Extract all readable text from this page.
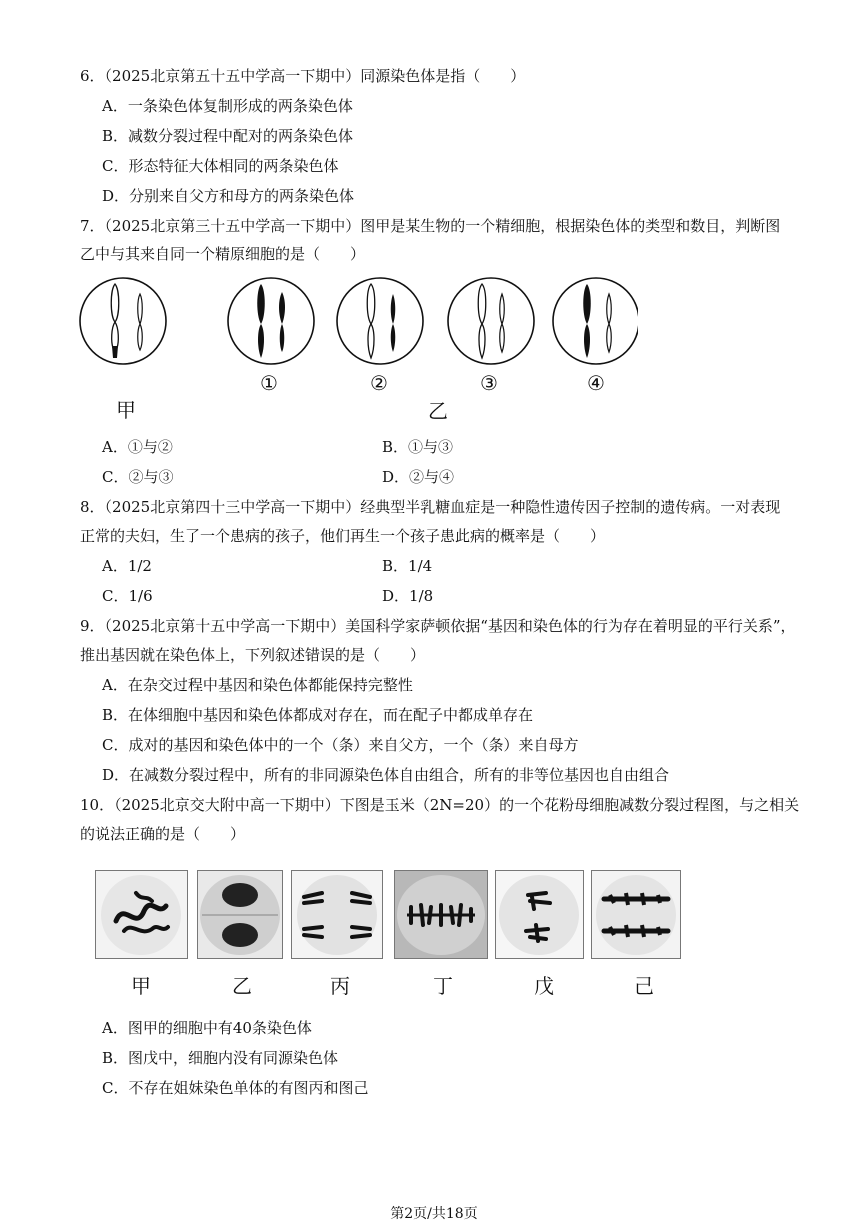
6．（2025北京第五十五中学高一下期中）同源染色体是指（　　）
A．一条染色体复制形成的两条染色体
B．减数分裂过程中配对的两条染色体
C．形态特征大体相同的两条染色体
D．分别来自父方和母方的两条染色体
7．（2025北京第三十五中学高一下期中）图甲是某生物的一个精细胞，根据染色体的类型和数目，判断图
乙中与其来自同一个精原细胞的是（　　）
①	②	③	④
甲	乙
A．①与②	B．①与③
C．②与③	D．②与④
8．（2025北京第四十三中学高一下期中）经典型半乳糖血症是一种隐性遗传因子控制的遗传病。一对表现
正常的夫妇，生了一个患病的孩子，他们再生一个孩子患此病的概率是（　　）
A．1/2	B．1/4
C．1/6	D．1/8
9．（2025北京第十五中学高一下期中）美国科学家萨顿依据“基因和染色体的行为存在着明显的平行关系”，
推出基因就在染色体上，下列叙述错误的是（　　）
A．在杂交过程中基因和染色体都能保持完整性
B．在体细胞中基因和染色体都成对存在，而在配子中都成单存在
C．成对的基因和染色体中的一个（条）来自父方，一个（条）来自母方
D．在减数分裂过程中，所有的非同源染色体自由组合，所有的非等位基因也自由组合
10．（2025北京交大附中高一下期中）下图是玉米（2N=20）的一个花粉母细胞减数分裂过程图，与之相关
的说法正确的是（　　）
甲	乙	丙	丁	戊	己
A．图甲的细胞中有40条染色体
B．图戊中，细胞内没有同源染色体
C．不存在姐妹染色单体的有图丙和图己
第2页/共18页
